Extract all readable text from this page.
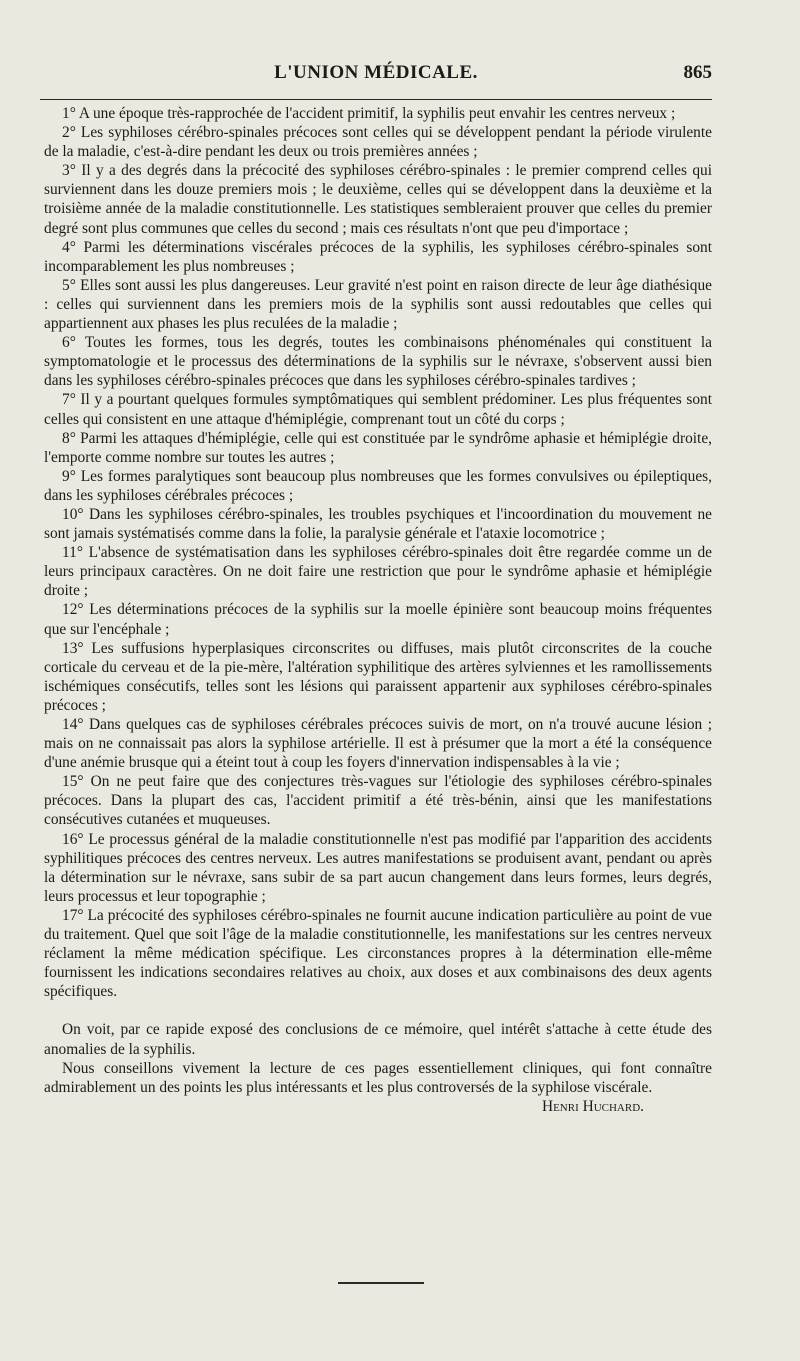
L'UNION MÉDICALE.	865

1° A une époque très-rapprochée de l'accident primitif, la syphilis peut envahir les centres nerveux ;

2° Les syphiloses cérébro-spinales précoces sont celles qui se développent pendant la période virulente de la maladie, c'est-à-dire pendant les deux ou trois premières années ;

3° Il y a des degrés dans la précocité des syphiloses cérébro-spinales : le premier comprend celles qui surviennent dans les douze premiers mois ; le deuxième, celles qui se développent dans la deuxième et la troisième année de la maladie constitutionnelle. Les statistiques sembleraient prouver que celles du premier degré sont plus communes que celles du second ; mais ces résultats n'ont que peu d'importace ;

4° Parmi les déterminations viscérales précoces de la syphilis, les syphiloses cérébro-spinales sont incomparablement les plus nombreuses ;

5° Elles sont aussi les plus dangereuses. Leur gravité n'est point en raison directe de leur âge diathésique : celles qui surviennent dans les premiers mois de la syphilis sont aussi redoutables que celles qui appartiennent aux phases les plus reculées de la maladie ;

6° Toutes les formes, tous les degrés, toutes les combinaisons phénoménales qui constituent la symptomatologie et le processus des déterminations de la syphilis sur le névraxe, s'observent aussi bien dans les syphiloses cérébro-spinales précoces que dans les syphiloses cérébro-spinales tardives ;

7° Il y a pourtant quelques formules symptômatiques qui semblent prédominer. Les plus fréquentes sont celles qui consistent en une attaque d'hémiplégie, comprenant tout un côté du corps ;

8° Parmi les attaques d'hémiplégie, celle qui est constituée par le syndrôme aphasie et hémiplégie droite, l'emporte comme nombre sur toutes les autres ;

9° Les formes paralytiques sont beaucoup plus nombreuses que les formes convulsives ou épileptiques, dans les syphiloses cérébrales précoces ;

10° Dans les syphiloses cérébro-spinales, les troubles psychiques et l'incoordination du mouvement ne sont jamais systématisés comme dans la folie, la paralysie générale et l'ataxie locomotrice ;

11° L'absence de systématisation dans les syphiloses cérébro-spinales doit être regardée comme un de leurs principaux caractères. On ne doit faire une restriction que pour le syndrôme aphasie et hémiplégie droite ;

12° Les déterminations précoces de la syphilis sur la moelle épinière sont beaucoup moins fréquentes que sur l'encéphale ;

13° Les suffusions hyperplasiques circonscrites ou diffuses, mais plutôt circonscrites de la couche corticale du cerveau et de la pie-mère, l'altération syphilitique des artères sylviennes et les ramollissements ischémiques consécutifs, telles sont les lésions qui paraissent appartenir aux syphiloses cérébro-spinales précoces ;

14° Dans quelques cas de syphiloses cérébrales précoces suivis de mort, on n'a trouvé aucune lésion ; mais on ne connaissait pas alors la syphilose artérielle. Il est à présumer que la mort a été la conséquence d'une anémie brusque qui a éteint tout à coup les foyers d'innervation indispensables à la vie ;

15° On ne peut faire que des conjectures très-vagues sur l'étiologie des syphiloses cérébro-spinales précoces. Dans la plupart des cas, l'accident primitif a été très-bénin, ainsi que les manifestations consécutives cutanées et muqueuses.

16° Le processus général de la maladie constitutionnelle n'est pas modifié par l'apparition des accidents syphilitiques précoces des centres nerveux. Les autres manifestations se produisent avant, pendant ou après la détermination sur le névraxe, sans subir de sa part aucun changement dans leurs formes, leurs degrés, leurs processus et leur topographie ;

17° La précocité des syphiloses cérébro-spinales ne fournit aucune indication particulière au point de vue du traitement. Quel que soit l'âge de la maladie constitutionnelle, les manifestations sur les centres nerveux réclament la même médication spécifique. Les circonstances propres à la détermination elle-même fournissent les indications secondaires relatives au choix, aux doses et aux combinaisons des deux agents spécifiques.

On voit, par ce rapide exposé des conclusions de ce mémoire, quel intérêt s'attache à cette étude des anomalies de la syphilis.

Nous conseillons vivement la lecture de ces pages essentiellement cliniques, qui font connaître admirablement un des points les plus intéressants et les plus controversés de la syphilose viscérale.

Henri Huchard.
